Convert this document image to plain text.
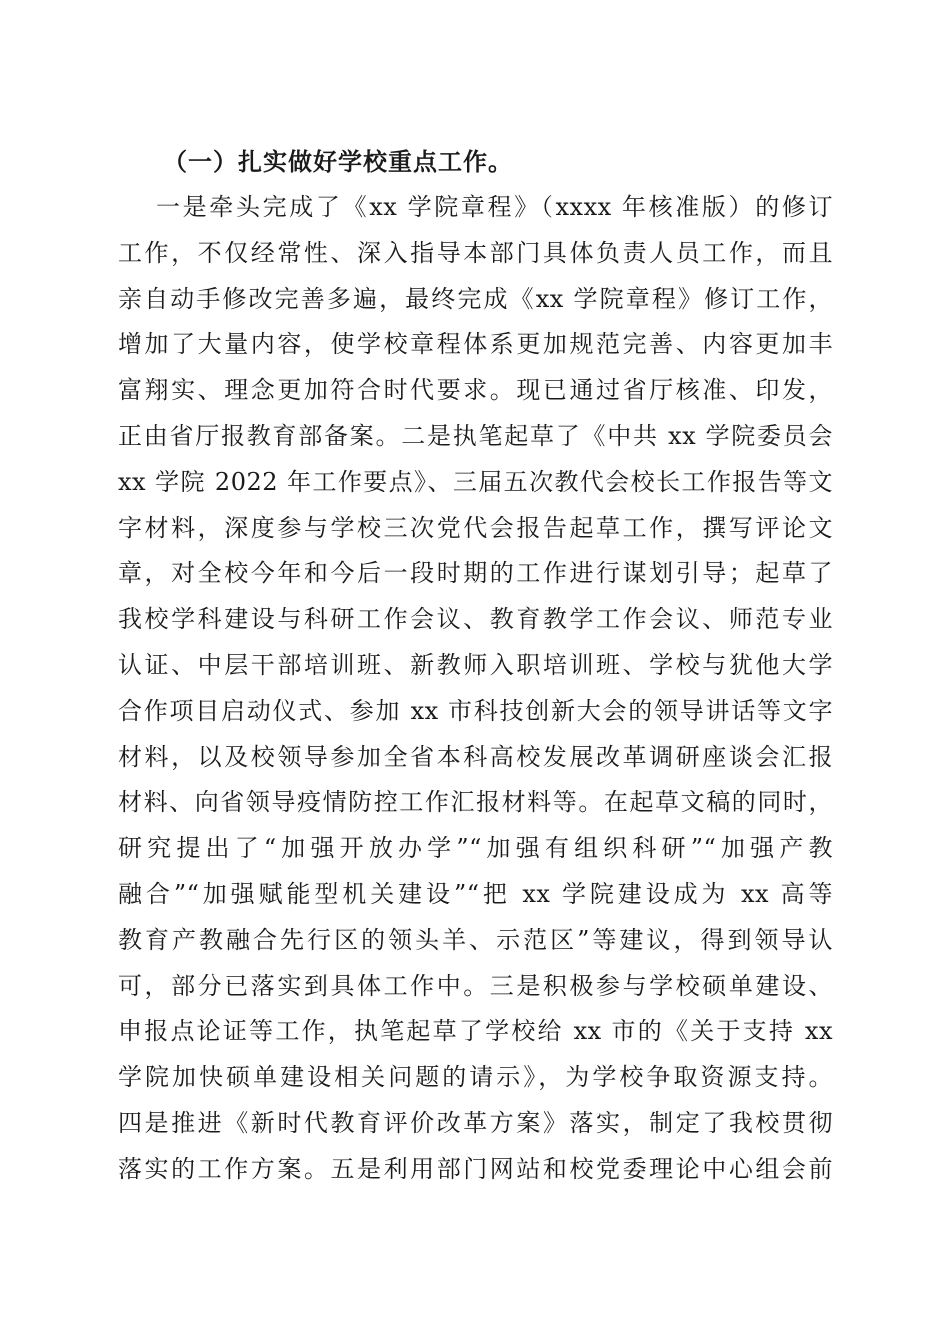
（一）扎实做好学校重点工作。
一是牵头完成了《xx 学院章程》（xxxx 年核准版）的修订
工作，不仅经常性、深入指导本部门具体负责人员工作，而且
亲自动手修改完善多遍，最终完成《xx 学院章程》修订工作，
增加了大量内容，使学校章程体系更加规范完善、内容更加丰
富翔实、理念更加符合时代要求。现已通过省厅核准、印发，
正由省厅报教育部备案。二是执笔起草了《中共 xx 学院委员会
xx 学院 2022 年工作要点》、三届五次教代会校长工作报告等文
字材料，深度参与学校三次党代会报告起草工作，撰写评论文
章，对全校今年和今后一段时期的工作进行谋划引导；起草了
我校学科建设与科研工作会议、教育教学工作会议、师范专业
认证、中层干部培训班、新教师入职培训班、学校与犹他大学
合作项目启动仪式、参加 xx 市科技创新大会的领导讲话等文字
材料，以及校领导参加全省本科高校发展改革调研座谈会汇报
材料、向省领导疫情防控工作汇报材料等。在起草文稿的同时，
研究提出了“加强开放办学”“加强有组织科研”“加强产教
融合”“加强赋能型机关建设”“把 xx 学院建设成为 xx 高等
教育产教融合先行区的领头羊、示范区”等建议，得到领导认
可，部分已落实到具体工作中。三是积极参与学校硕单建设、
申报点论证等工作，执笔起草了学校给 xx 市的《关于支持 xx
学院加快硕单建设相关问题的请示》，为学校争取资源支持。
四是推进《新时代教育评价改革方案》落实，制定了我校贯彻
落实的工作方案。五是利用部门网站和校党委理论中心组会前
